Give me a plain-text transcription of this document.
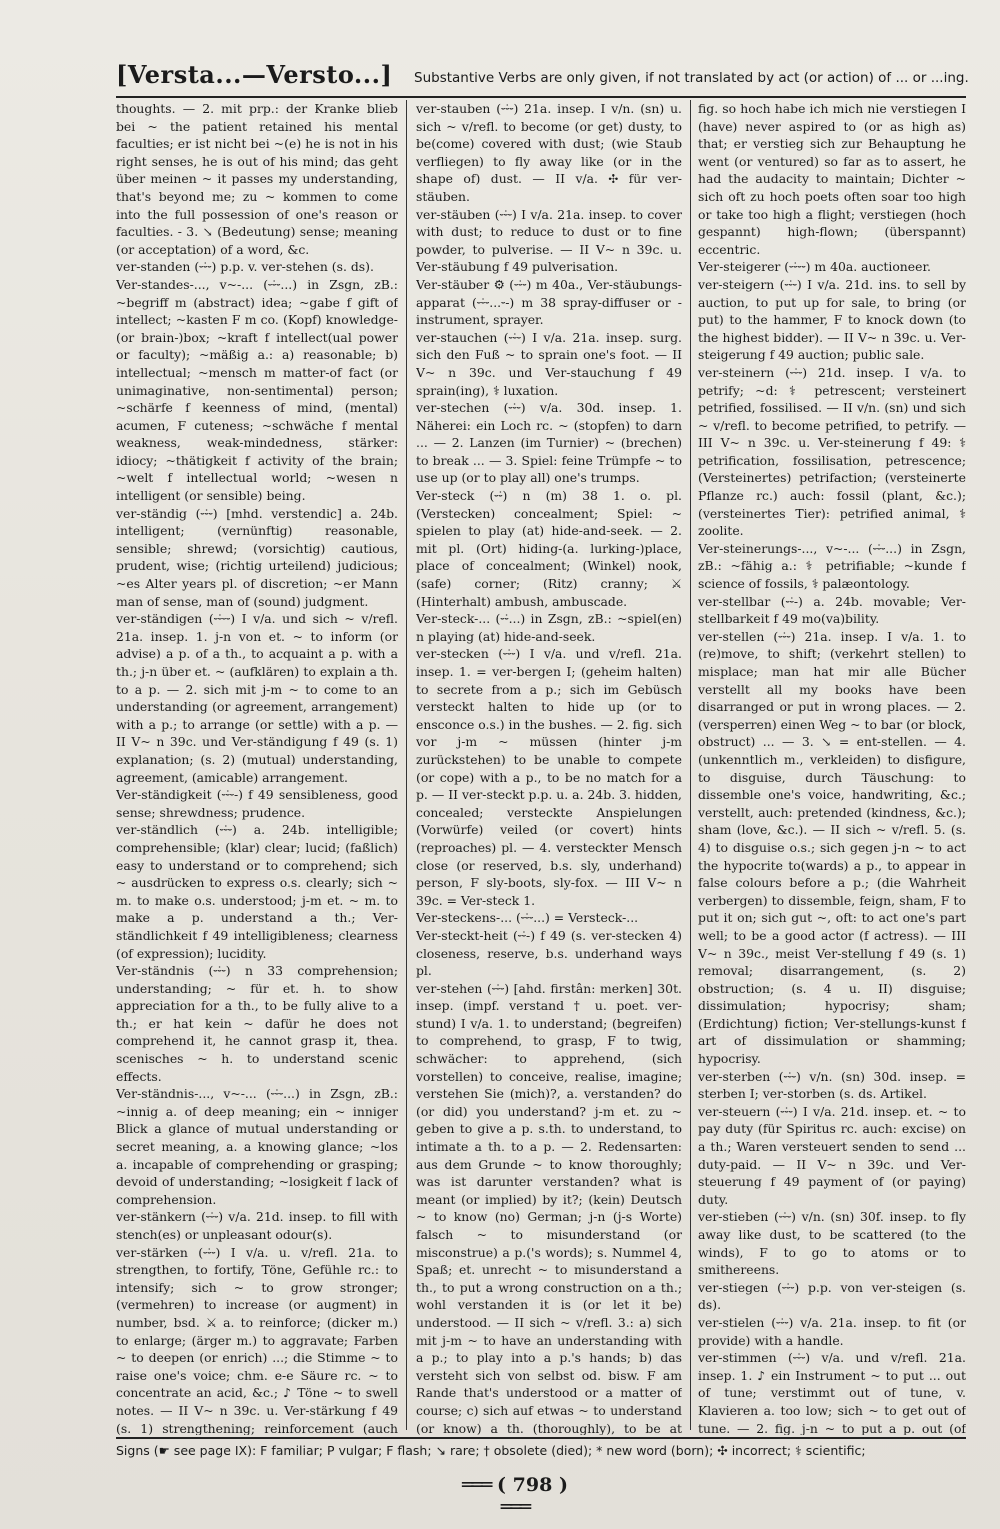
[Versta...—Versto...] Substantive Verbs are only given, if not translated by act (or action) of ... or ...ing.

thoughts. — 2. mit prp.: der Kranke blieb bei ~ the patient retained his mental faculties; er ist nicht bei ~(e) he is not in his right senses, he is out of his mind; das geht über meinen ~ it passes my understanding, that's beyond me; zu ~ kommen to come into the full possession of one's reason or faculties. - 3. ↘ (Bedeutung) sense; meaning (or acceptation) of a word, &c.

ver-standen (⏑⏑̇⏑) p.p. v. ver-stehen (s. ds).

Ver-standes-..., v~-... (⏑⏑̇⏑...) in Zsgn, zB.: ~begriff m (abstract) idea; ~gabe f gift of intellect; ~kasten F m co. (Kopf) knowledge- (or brain-)box; ~kraft f intellect(ual power or faculty); ~mäßig a.: a) reasonable; b) intellectual; ~mensch m matter-of fact (or unimaginative, non-sentimental) person; ~schärfe f keenness of mind, (mental) acumen, F cuteness; ~schwäche f mental weakness, weak-mindedness, stärker: idiocy; ~thätigkeit f activity of the brain; ~welt f intellectual world; ~wesen n intelligent (or sensible) being.

ver-ständig (⏑⏑̇⏑) [mhd. verstendic] a. 24b. intelligent; (vernünftig) reasonable, sensible; shrewd; (vorsichtig) cautious, prudent, wise; (richtig urteilend) judicious; ~es Alter years pl. of discretion; ~er Mann man of sense, man of (sound) judgment.

ver-ständigen (⏑⏑̇⏑⏑) I v/a. und sich ~ v/refl. 21a. insep. 1. j-n von et. ~ to inform (or advise) a p. of a th., to acquaint a p. with a th.; j-n über et. ~ (aufklären) to explain a th. to a p. — 2. sich mit j-m ~ to come to an understanding (or agreement, arrangement) with a p.; to arrange (or settle) with a p. — II V~ n 39c. und Ver-ständigung f 49 (s. 1) explanation; (s. 2) (mutual) understanding, agreement, (amicable) arrangement.

Ver-ständigkeit (⏑⏑̇⏑-) f 49 sensibleness, good sense; shrewdness; prudence.

ver-ständlich (⏑⏑̇⏑) a. 24b. intelligible; comprehensible; (klar) clear; lucid; (faßlich) easy to understand or to comprehend; sich ~ ausdrücken to express o.s. clearly; sich ~ m. to make o.s. understood; j-m et. ~ m. to make a p. understand a th.; Ver-ständlichkeit f 49 intelligibleness; clearness (of expression); lucidity.

Ver-ständnis (⏑⏑̇⏑) n 33 comprehension; understanding; ~ für et. h. to show appreciation for a th., to be fully alive to a th.; er hat kein ~ dafür he does not comprehend it, he cannot grasp it, thea. scenisches ~ h. to understand scenic effects.

Ver-ständnis-..., v~-... (⏑⏑̇⏑...) in Zsgn, zB.: ~innig a. of deep meaning; ein ~ inniger Blick a glance of mutual understanding or secret meaning, a. a knowing glance; ~los a. incapable of comprehending or grasping; devoid of understanding; ~losigkeit f lack of comprehension.

ver-stänkern (⏑⏑̇⏑) v/a. 21d. insep. to fill with stench(es) or unpleasant odour(s).

ver-stärken (⏑⏑̇⏑) I v/a. u. v/refl. 21a. to strengthen, to fortify, Töne, Gefühle rc.: to intensify; sich ~ to grow stronger; (vermehren) to increase (or augment) in number, bsd. ⚔ a. to reinforce; (dicker m.) to enlarge; (ärger m.) to aggravate; Farben ~ to deepen (or enrich) ...; die Stimme ~ to raise one's voice; chm. e-e Säure rc. ~ to concentrate an acid, &c.; ♪ Töne ~ to swell notes. — II V~ n 39c. u. Ver-stärkung f 49 (s. 1) strengthening; reinforcement (auch

ver-stauben (⏑⏑̇⏑) 21a. insep. I v/n. (sn) u. sich ~ v/refl. to become (or get) dusty, to be(come) covered with dust; (wie Staub verfliegen) to fly away like (or in the shape of) dust. — II v/a. ✣ für ver-stäuben.

ver-stäuben (⏑⏑̇⏑) I v/a. 21a. insep. to cover with dust; to reduce to dust or to fine powder, to pulverise. — II V~ n 39c. u. Ver-stäubung f 49 pulverisation.

Ver-stäuber ⚙ (⏑⏑̇⏑) m 40a., Ver-stäubungs-apparat (⏑⏑̇⏑...⏑-) m 38 spray-diffuser or -instrument, sprayer.

ver-stauchen (⏑⏑̇⏑) I v/a. 21a. insep. surg. sich den Fuß ~ to sprain one's foot. — II V~ n 39c. und Ver-stauchung f 49 sprain(ing), ⚕ luxation.

ver-stechen (⏑⏑̇⏑) v/a. 30d. insep. 1. Näherei: ein Loch rc. ~ (stopfen) to darn ... — 2. Lanzen (im Turnier) ~ (brechen) to break ... — 3. Spiel: feine Trümpfe ~ to use up (or to play all) one's trumps.

Ver-steck (⏑⏑̇) n (m) 38 1. o. pl. (Verstecken) concealment; Spiel: ~ spielen to play (at) hide-and-seek. — 2. mit pl. (Ort) hiding-(a. lurking-)place, place of concealment; (Winkel) nook, (safe) corner; (Ritz) cranny; ⚔ (Hinterhalt) ambush, ambuscade.

Ver-steck-... (⏑⏑̇...) in Zsgn, zB.: ~spiel(en) n playing (at) hide-and-seek.

ver-stecken (⏑⏑̇⏑) I v/a. und v/refl. 21a. insep. 1. = ver-bergen I; (geheim halten) to secrete from a p.; sich im Gebüsch versteckt halten to hide up (or to ensconce o.s.) in the bushes. — 2. fig. sich vor j-m ~ müssen (hinter j-m zurückstehen) to be unable to compete (or cope) with a p., to be no match for a p. — II ver-steckt p.p. u. a. 24b. 3. hidden, concealed; versteckte Anspielungen (Vorwürfe) veiled (or covert) hints (reproaches) pl. — 4. versteckter Mensch close (or reserved, b.s. sly, underhand) person, F sly-boots, sly-fox. — III V~ n 39c. = Ver-steck 1.

Ver-steckens-... (⏑⏑̇⏑...) = Versteck-...

Ver-steckt-heit (⏑⏑̇-) f 49 (s. ver-stecken 4) closeness, reserve, b.s. underhand ways pl.

ver-stehen (⏑⏑̇⏑) [ahd. firstân: merken] 30t. insep. (impf. verstand † u. poet. ver-stund) I v/a. 1. to understand; (begreifen) to comprehend, to grasp, F to twig, schwächer: to apprehend, (sich vorstellen) to conceive, realise, imagine; verstehen Sie (mich)?, a. verstanden? do (or did) you understand? j-m et. zu ~ geben to give a p. s.th. to understand, to intimate a th. to a p. — 2. Redensarten: aus dem Grunde ~ to know thoroughly; was ist darunter verstanden? what is meant (or implied) by it?; (kein) Deutsch ~ to know (no) German; j-n (j-s Worte) falsch ~ to misunderstand (or misconstrue) a p.('s words); s. Nummel 4, Spaß; et. unrecht ~ to misunderstand a th., to put a wrong construction on a th.; wohl verstanden it is (or let it be) understood. — II sich ~ v/refl. 3.: a) sich mit j-m ~ to have an understanding with a p.; to play into a p.'s hands; b) das versteht sich von selbst od. bisw. F am Rande that's understood or a matter of course; c) sich auf etwas ~ to understand (or know) a th. (thoroughly), to be at

fig. so hoch habe ich mich nie verstiegen I (have) never aspired to (or as high as) that; er verstieg sich zur Behauptung he went (or ventured) so far as to assert, he had the audacity to maintain; Dichter ~ sich oft zu hoch poets often soar too high or take too high a flight; verstiegen (hoch gespannt) high-flown; (überspannt) eccentric.

Ver-steigerer (⏑⏑̇⏑⏑) m 40a. auctioneer.

ver-steigern (⏑⏑̇⏑) I v/a. 21d. ins. to sell by auction, to put up for sale, to bring (or put) to the hammer, F to knock down (to the highest bidder). — II V~ n 39c. u. Ver-steigerung f 49 auction; public sale.

ver-steinern (⏑⏑̇⏑) 21d. insep. I v/a. to petrify; ~d: ⚕ petrescent; versteinert petrified, fossilised. — II v/n. (sn) und sich ~ v/refl. to become petrified, to petrify. — III V~ n 39c. u. Ver-steinerung f 49: ⚕ petrification, fossilisation, petrescence; (Versteinertes) petrifaction; (versteinerte Pflanze rc.) auch: fossil (plant, &c.); (versteinertes Tier): petrified animal, ⚕ zoolite.

Ver-steinerungs-..., v~-... (⏑⏑̇⏑...) in Zsgn, zB.: ~fähig a.: ⚕ petrifiable; ~kunde f science of fossils, ⚕ palæontology.

ver-stellbar (⏑⏑̇-) a. 24b. movable; Ver-stellbarkeit f 49 mo(va)bility.

ver-stellen (⏑⏑̇⏑) 21a. insep. I v/a. 1. to (re)move, to shift; (verkehrt stellen) to misplace; man hat mir alle Bücher verstellt all my books have been disarranged or put in wrong places. — 2. (versperren) einen Weg ~ to bar (or block, obstruct) ... — 3. ↘ = ent-stellen. — 4. (unkenntlich m., verkleiden) to disfigure, to disguise, durch Täuschung: to dissemble one's voice, handwriting, &c.; verstellt, auch: pretended (kindness, &c.); sham (love, &c.). — II sich ~ v/refl. 5. (s. 4) to disguise o.s.; sich gegen j-n ~ to act the hypocrite to(wards) a p., to appear in false colours before a p.; (die Wahrheit verbergen) to dissemble, feign, sham, F to put it on; sich gut ~, oft: to act one's part well; to be a good actor (f actress). — III V~ n 39c., meist Ver-stellung f 49 (s. 1) removal; disarrangement, (s. 2) obstruction; (s. 4 u. II) disguise; dissimulation; hypocrisy; sham; (Erdichtung) fiction; Ver-stellungs-kunst f art of dissimulation or shamming; hypocrisy.

ver-sterben (⏑⏑̇⏑) v/n. (sn) 30d. insep. = sterben I; ver-storben (s. ds. Artikel.

ver-steuern (⏑⏑̇⏑) I v/a. 21d. insep. et. ~ to pay duty (für Spiritus rc. auch: excise) on a th.; Waren versteuert senden to send ... duty-paid. — II V~ n 39c. und Ver-steuerung f 49 payment of (or paying) duty.

ver-stieben (⏑⏑̇⏑) v/n. (sn) 30f. insep. to fly away like dust, to be scattered (to the winds), F to go to atoms or to smithereens.

ver-stiegen (⏑⏑̇⏑) p.p. von ver-steigen (s. ds).

ver-stielen (⏑⏑̇⏑) v/a. 21a. insep. to fit (or provide) with a handle.

ver-stimmen (⏑⏑̇⏑) v/a. und v/refl. 21a. insep. 1. ♪ ein Instrument ~ to put ... out of tune; verstimmt out of tune, v. Klavieren a. too low; sich ~ to get out of tune. — 2. fig. j-n ~ to put a p. out (of

Signs (☛ see page IX): F familiar; P vulgar; F flash; ↘ rare; † obsolete (died); * new word (born); ✣ incorrect; ⚕ scientific;
═══ ( 798 ) ═══
